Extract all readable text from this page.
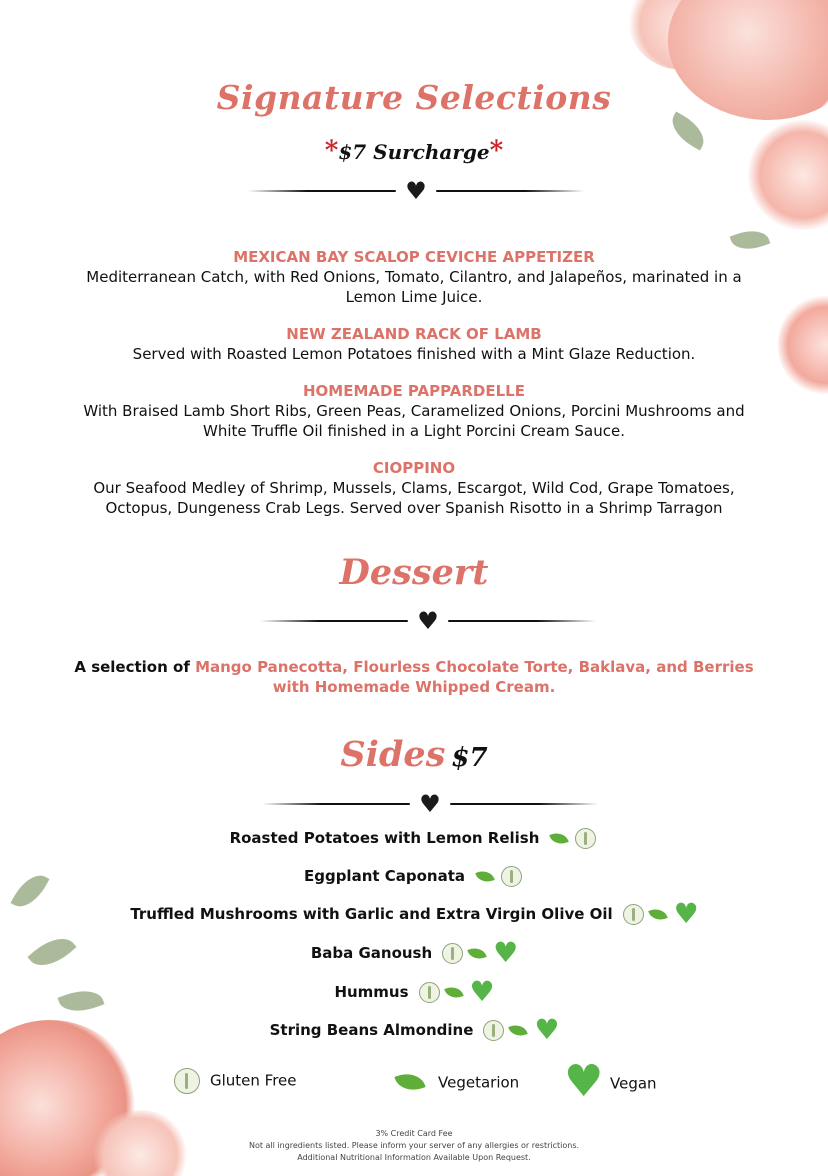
Signature Selections
*$7 Surcharge*
♥
MEXICAN BAY SCALOP CEVICHE APPETIZER
Mediterranean Catch, with Red Onions, Tomato, Cilantro, and Jalapeños, marinated in a Lemon Lime Juice.
NEW ZEALAND RACK OF LAMB
Served with Roasted Lemon Potatoes finished with a Mint Glaze Reduction.
HOMEMADE PAPPARDELLE
With Braised Lamb Short Ribs, Green Peas, Caramelized Onions, Porcini Mushrooms and White Truffle Oil finished in a Light Porcini Cream Sauce.
CIOPPINO
Our Seafood Medley of Shrimp, Mussels, Clams, Escargot, Wild Cod, Grape Tomatoes, Octopus, Dungeness Crab Legs. Served over Spanish Risotto in a Shrimp Tarragon
Dessert
♥
A selection of Mango Panecotta, Flourless Chocolate Torte, Baklava, and Berries with Homemade Whipped Cream.
Sides $7
♥
Roasted Potatoes with Lemon Relish
Eggplant Caponata
Truffled Mushrooms with Garlic and Extra Virgin Olive Oil♥
Baba Ganoush♥
Hummus♥
String Beans Almondine♥
Gluten Free	Vegetarion
♥	Vegan
3% Credit Card Fee
Not all ingredients listed. Please inform your server of any allergies or restrictions.
Additional Nutritional Information Available Upon Request.
